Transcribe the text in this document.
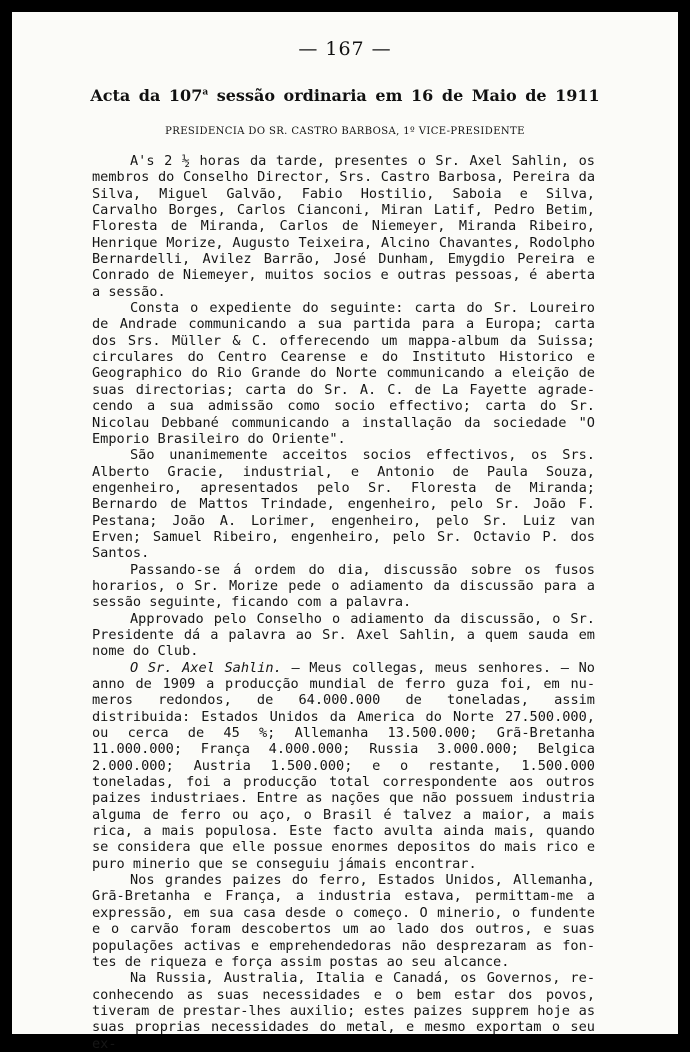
— 167 —
Acta da 107$^a$ sessão ordinaria em 16 de Maio de 1911
PRESIDENCIA DO SR. CASTRO BARBOSA, 1º VICE-PRESIDENTE

A's 2 ½ horas da tarde, presentes o Sr. Axel Sahlin, os membros do Conselho Director, Srs. Castro Barbosa, Pereira da Silva, Miguel Galvão, Fabio Hostilio, Saboia e Silva, Carvalho Borges, Carlos Cianconi, Miran Latif, Pedro Betim, Floresta de Miranda, Carlos de Niemeyer, Miranda Ribeiro, Henrique Morize, Augusto Teixeira, Alcino Chavantes, Rodolpho Bernardelli, Avilez Barrão, José Dunham, Emygdio Pereira e Conrado de Niemeyer, muitos socios e outras pessoas, é aberta a sessão.

Consta o expediente do seguinte: carta do Sr. Loureiro de Andrade communicando a sua partida para a Europa; carta dos Srs. Müller & C. offerecendo um mappa-album da Suissa; circulares do Centro Cearense e do Instituto Historico e Geographico do Rio Grande do Norte communicando a eleição de suas directorias; carta do Sr. A. C. de La Fayette agradecendo a sua admissão como socio effectivo; carta do Sr. Nicolau Debbané communicando a installação da sociedade "O Emporio Brasileiro do Oriente".

São unanimemente acceitos socios effectivos, os Srs. Alberto Gracie, industrial, e Antonio de Paula Souza, engenheiro, apresentados pelo Sr. Floresta de Miranda; Bernardo de Mattos Trindade, engenheiro, pelo Sr. João F. Pestana; João A. Lorimer, engenheiro, pelo Sr. Luiz van Erven; Samuel Ribeiro, engenheiro, pelo Sr. Octavio P. dos Santos.

Passando-se á ordem do dia, discussão sobre os fusos horarios, o Sr. Morize pede o adiamento da discussão para a sessão seguinte, ficando com a palavra.

Approvado pelo Conselho o adiamento da discussão, o Sr. Presidente dá a palavra ao Sr. Axel Sahlin, a quem sauda em nome do Club.

O Sr. Axel Sahlin. — Meus collegas, meus senhores. — No anno de 1909 a producção mundial de ferro guza foi, em numeros redondos, de 64.000.000 de toneladas, assim distribuida: Estados Unidos da America do Norte 27.500.000, ou cerca de 45 %; Allemanha 13.500.000; Grã-Bretanha 11.000.000; França 4.000.000; Russia 3.000.000; Belgica 2.000.000; Austria 1.500.000; e o restante, 1.500.000 toneladas, foi a producção total correspondente aos outros paizes industriaes. Entre as nações que não possuem industria alguma de ferro ou aço, o Brasil é talvez a maior, a mais rica, a mais populosa. Este facto avulta ainda mais, quando se considera que elle possue enormes depositos do mais rico e puro minerio que se conseguiu jámais encontrar.

Nos grandes paizes do ferro, Estados Unidos, Allemanha, Grã-Bretanha e França, a industria estava, permittam-me a expressão, em sua casa desde o começo. O minerio, o fundente e o carvão foram descobertos um ao lado dos outros, e suas populações activas e emprehendedoras não desprezaram as fontes de riqueza e força assim postas ao seu alcance.

Na Russia, Australia, Italia e Canadá, os Governos, reconhecendo as suas necessidades e o bem estar dos povos, tiveram de prestar-lhes auxilio; estes paizes supprem hoje as suas proprias necessidades do metal, e mesmo exportam o seu ex-
